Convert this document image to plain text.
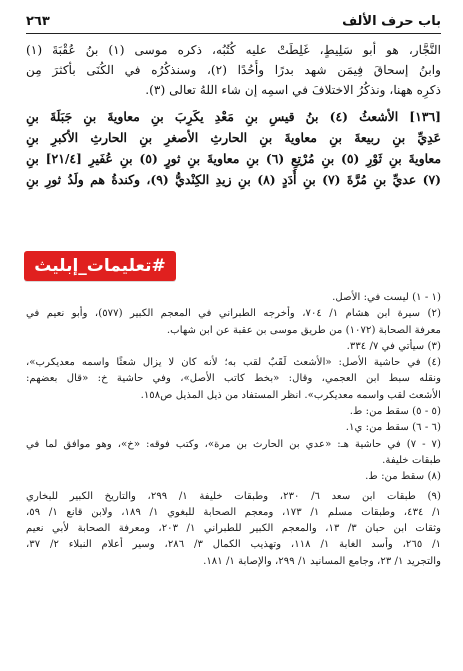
باب حرف الألف
٢٦٣
النَّجَّار، هو أبو سَلِيطٍ، غَلِطَتْ عليه كُتُبُه، ذكره موسى (١) بنُ عُقْبَةَ (١)
وابنُ إسحاقَ فِيمَن شهد بدرًا وأُحُدًا (٢)، وسنذكُرُه في الكُنَى بأكثرَ مِن
ذكرِه ههنا، ونذكُرُ الاختلافَ في اسمِه إن شاء اللهُ تعالى (٣).
[١٣٦] الأشعثُ (٤) بنُ قيسِ بنِ مَعْدِ يكَرِبَ بنِ معاويةَ بنِ جَبَلَةَ بنِ
عَدِيِّ بنِ ربيعةَ بنِ معاويةَ بنِ الحارثِ الأصغرِ بنِ الحارثِ الأكبرِ بنِ
معاويةَ بنِ ثَوْرِ (٥) بنِ مُرْتِعِ (٦) بنِ معاويةَ بنِ ثورٍ (٥) بنِ عُفَيرِ [٢١/٤] بنِ
(٧) عديِّ بنِ مُرَّةَ (٧) بنِ أُدَدٍ (٨) بنِ زيدِ الكِنْديُّ (٩)، وكندةُ هم ولَدُ ثورِ بنِ
(١ - ١) ليست في: الأصل.
(٢) سيرة ابن هشام ١/ ٧٠٤، وأخرجه الطبراني في المعجم الكبير (٥٧٧)، وأبو نعيم في
معرفة الصحابة (١٠٧٢) من طريق موسى بن عقبة عن ابن شهاب.
(٣) سيأتي في ٧/ ٣٣٤.
(٤) في حاشية الأصل: «الأشعث لَقَبٌ لقب به؛ لأنه كان لا يزال شعثًا واسمه معديكرب»،
ونقله سبط ابن العجمي، وقال: «بخط كاتب الأصل»، وفي حاشية خ: «قال بعضهم:
الأشعث لقب واسمه معديكرب». انظر المستفاد من ذيل المذيل ص١٥٨.
(٥ - ٥) سقط من: ط.
(٦ - ٦) سقط من: ي١.
(٧ - ٧) في حاشية هـ: «عدي بن الحارث بن مرة»، وكتب فوقه: «خ»، وهو موافق لما في
طبقات خليفة.
(٨) سقط من: ط.
(٩) طبقات ابن سعد ٦/ ٢٣٠، وطبقات خليفة ١/ ٢٩٩، والتاريخ الكبير للبخاري
١/ ٤٣٤، وطبقات مسلم ١/ ١٧٣، ومعجم الصحابة للبغوي ١/ ١٨٩، ولابن قانع ١/ ٥٩،
وثقات ابن حبان ٣/ ١٣، والمعجم الكبير للطبراني ١/ ٢٠٣، ومعرفة الصحابة لأبي نعيم
١/ ٢٦٥، وأسد الغابة ١/ ١١٨، وتهذيب الكمال ٣/ ٢٨٦، وسير أعلام النبلاء ٢/ ٣٧،
والتجريد ١/ ٢٣، وجامع المسانيد ١/ ٢٩٩، والإصابة ١/ ١٨١.
#تعليمات_إبليث
